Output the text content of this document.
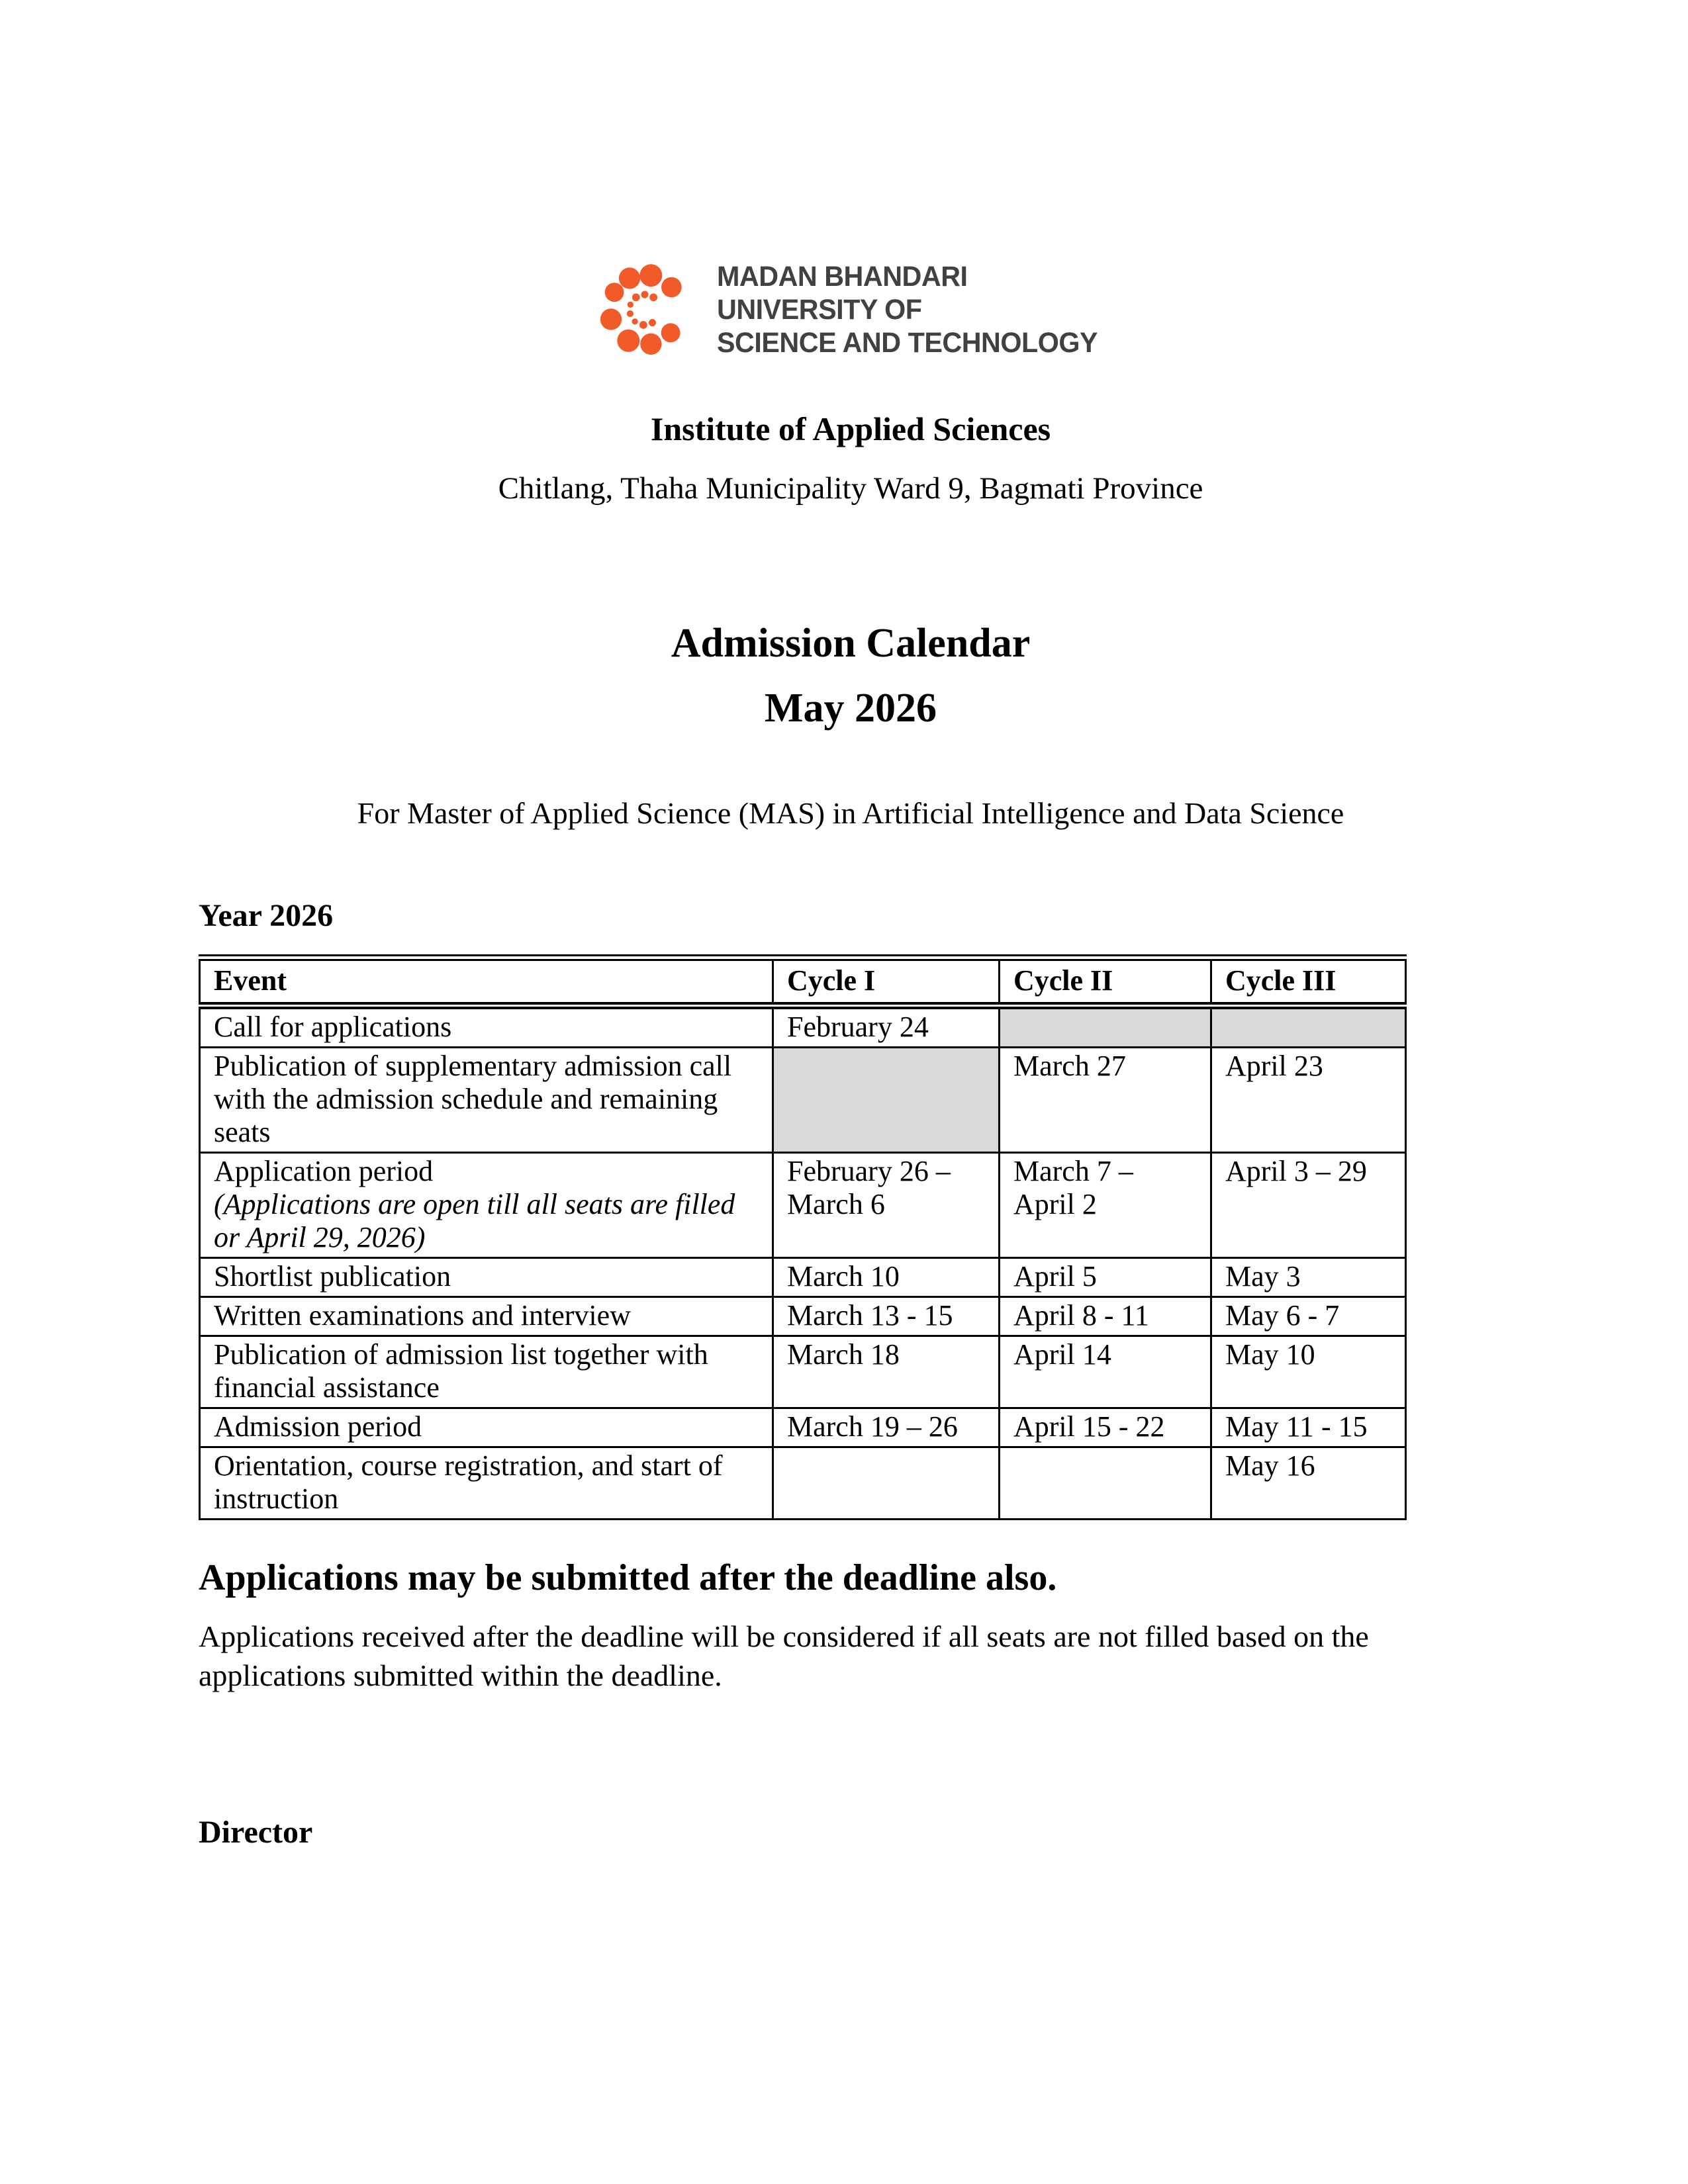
MADAN BHANDARI
UNIVERSITY OF
SCIENCE AND TECHNOLOGY
Institute of Applied Sciences
Chitlang, Thaha Municipality Ward 9, Bagmati Province
Admission Calendar
May 2026
For Master of Applied Science (MAS) in Artificial Intelligence and Data Science
Year 2026
Event	Cycle I	Cycle II	Cycle III
Call for applications	February 24		
Publication of supplementary admission call with the admission schedule and remaining seats		March 27	April 23
Application period
(Applications are open till all seats are filled or April 29, 2026)	February 26 – March 6	March 7 – April 2	April 3 – 29
Shortlist publication	March 10	April 5	May 3
Written examinations and interview	March 13 - 15	April 8 - 11	May 6 - 7
Publication of admission list together with financial assistance	March 18	April 14	May 10
Admission period	March 19 – 26	April 15 - 22	May 11 - 15
Orientation, course registration, and start of instruction			May 16
Applications may be submitted after the deadline also.

Applications received after the deadline will be considered if all seats are not filled based on the applications submitted within the deadline.

Director
